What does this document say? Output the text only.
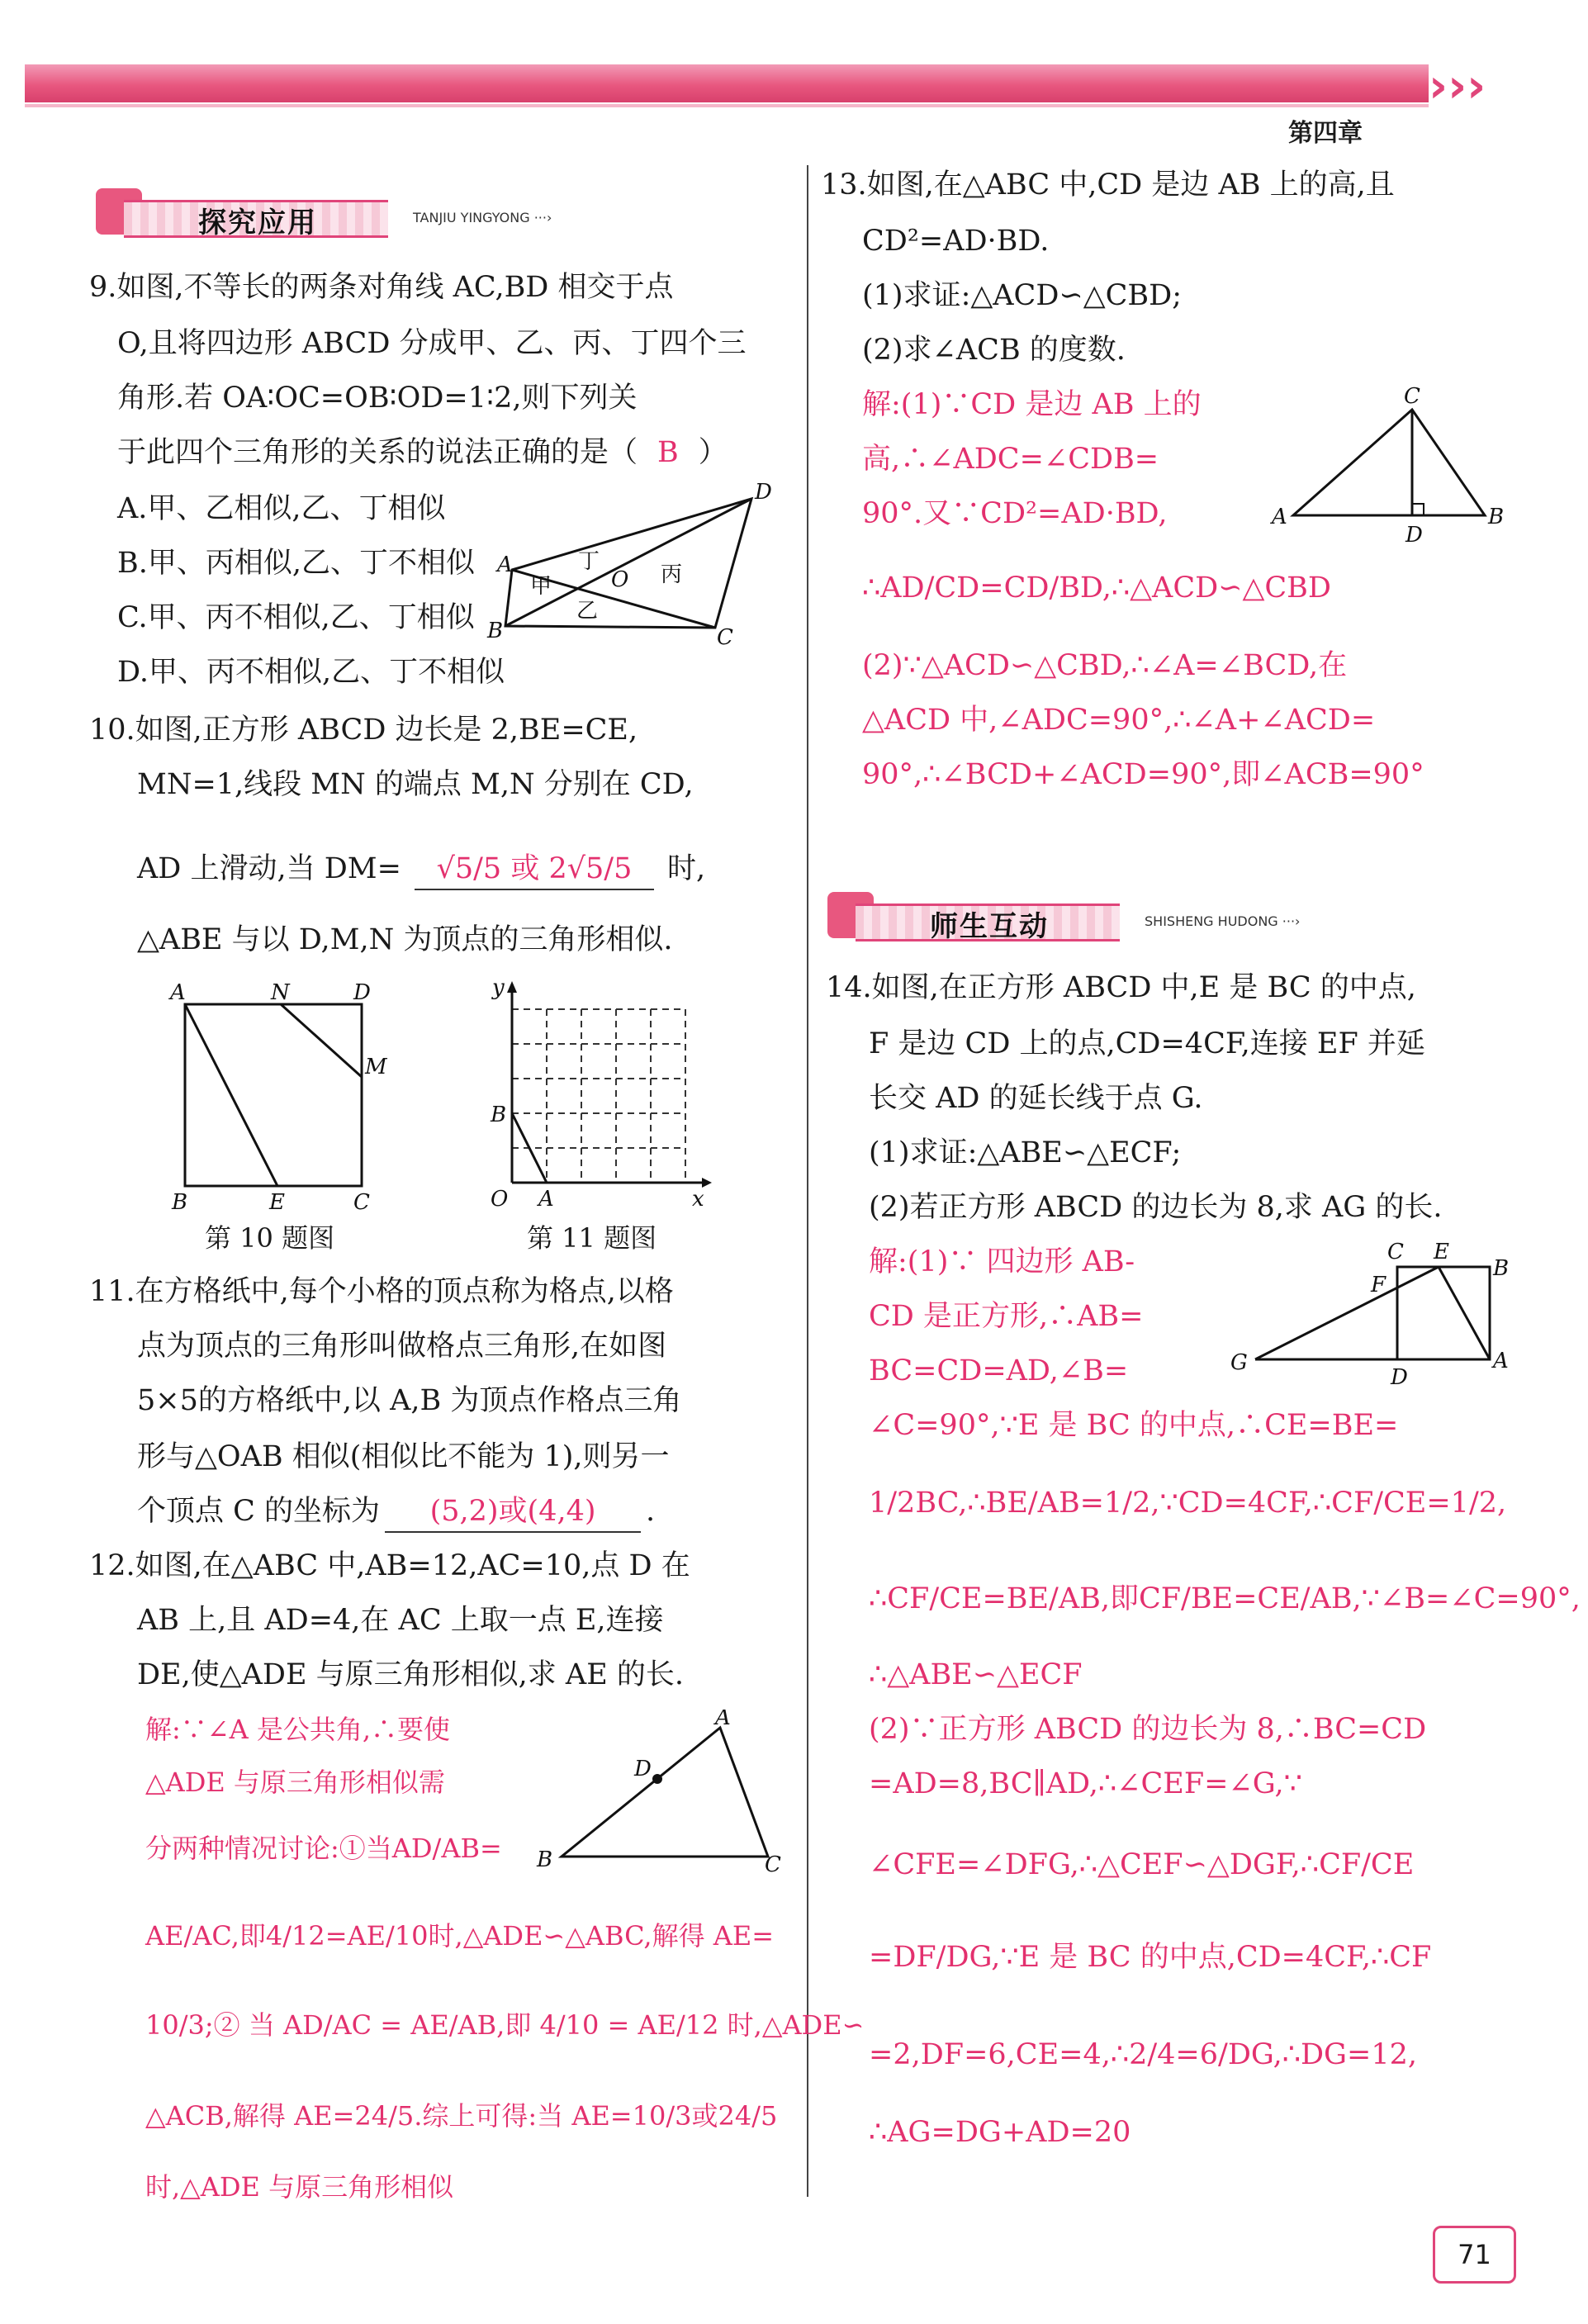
›››
第四章
探究应用	TANJIU YINGYONG ···›
9.如图,不等长的两条对角线 AC,BD 相交于点
O,且将四边形 ABCD 分成甲、乙、丙、丁四个三
角形.若 OA∶OC=OB∶OD=1∶2,则下列关
于此四个三角形的关系的说法正确的是（ B ）
A.甲、乙相似,乙、丁相似
B.甲、丙相似,乙、丁不相似
C.甲、丙不相似,乙、丁相似
D.甲、丙不相似,乙、丁不相似
A
B	C
D
O
甲
乙
丙
丁
10.如图,正方形 ABCD 边长是 2,BE=CE,
MN=1,线段 MN 的端点 M,N 分别在 CD,
AD 上滑动,当 DM= √5/5 或 2√5/5 时,
△ABE 与以 D,M,N 为顶点的三角形相似.
A	N	D
M
B	E	C
第 10 题图
y
B
O A	x
第 11 题图
11.在方格纸中,每个小格的顶点称为格点,以格
点为顶点的三角形叫做格点三角形,在如图
5×5的方格纸中,以 A,B 为顶点作格点三角
形与△OAB 相似(相似比不能为 1),则另一
个顶点 C 的坐标为 (5,2)或(4,4) .
12.如图,在△ABC 中,AB=12,AC=10,点 D 在
AB 上,且 AD=4,在 AC 上取一点 E,连接
DE,使△ADE 与原三角形相似,求 AE 的长.
解:∵∠A 是公共角,∴要使
△ADE 与原三角形相似需
分两种情况讨论:①当AD/AB=
AE/AC,即4/12=AE/10时,△ADE∽△ABC,解得 AE=
10/3;② 当 AD/AC = AE/AB,即 4/10 = AE/12 时,△ADE∽
△ACB,解得 AE=24/5.综上可得:当 AE=10/3或24/5
时,△ADE 与原三角形相似
A
D
B	C
13.如图,在△ABC 中,CD 是边 AB 上的高,且
CD²=AD·BD.
(1)求证:△ACD∽△CBD;
(2)求∠ACB 的度数.
解:(1)∵CD 是边 AB 上的
高,∴∠ADC=∠CDB=
90°.又∵CD²=AD·BD,
∴AD/CD=CD/BD,∴△ACD∽△CBD
(2)∵△ACD∽△CBD,∴∠A=∠BCD,在
△ACD 中,∠ADC=90°,∴∠A+∠ACD=
90°,∴∠BCD+∠ACD=90°,即∠ACB=90°
C
A
D
B
师生互动	SHISHENG HUDONG ···›
14.如图,在正方形 ABCD 中,E 是 BC 的中点,
F 是边 CD 上的点,CD=4CF,连接 EF 并延
长交 AD 的延长线于点 G.
(1)求证:△ABE∽△ECF;
(2)若正方形 ABCD 的边长为 8,求 AG 的长.
解:(1)∵ 四边形 AB-
CD 是正方形,∴AB=
BC=CD=AD,∠B=
∠C=90°,∵E 是 BC 的中点,∴CE=BE=
1/2BC,∴BE/AB=1/2,∵CD=4CF,∴CF/CE=1/2,
∴CF/CE=BE/AB,即CF/BE=CE/AB,∵∠B=∠C=90°,
∴△ABE∽△ECF
(2)∵正方形 ABCD 的边长为 8,∴BC=CD
=AD=8,BC∥AD,∴∠CEF=∠G,∵
∠CFE=∠DFG,∴△CEF∽△DGF,∴CF/CE
=DF/DG,∵E 是 BC 的中点,CD=4CF,∴CF
=2,DF=6,CE=4,∴2/4=6/DG,∴DG=12,
∴AG=DG+AD=20
C E
B
F
G
D
A
71
